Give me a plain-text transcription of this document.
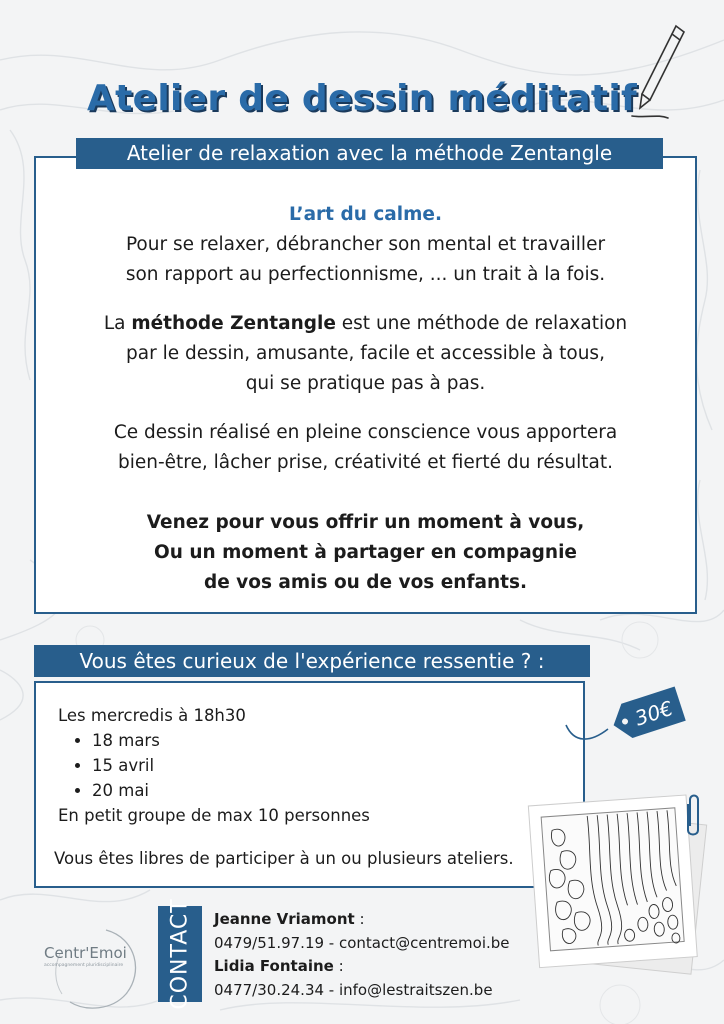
Atelier de dessin méditatif
Atelier de relaxation avec la méthode Zentangle

L’art du calme.
Pour se relaxer, débrancher son mental et travailler
son rapport au perfectionnisme, ... un trait à la fois.

La méthode Zentangle est une méthode de relaxation
par le dessin, amusante, facile et accessible à tous,
qui se pratique pas à pas.

Ce dessin réalisé en pleine conscience vous apportera
bien-être, lâcher prise, créativité et fierté du résultat.

Venez pour vous offrir un moment à vous,
Ou un moment à partager en compagnie
de vos amis ou de vos enfants.

Vous êtes curieux de l'expérience ressentie ? :
Les mercredis à 18h30
• 18 mars
• 15 avril
• 20 mai
En petit groupe de max 10 personnes
Vous êtes libres de participer à un ou plusieurs ateliers.
30€
CONTACT Jeanne Vriamont :
0479/51.97.19 - contact@centremoi.be
Lidia Fontaine :
0477/30.24.34 - info@lestraitszen.be
Centr'Emoi
accompagnement pluridisciplinaire
